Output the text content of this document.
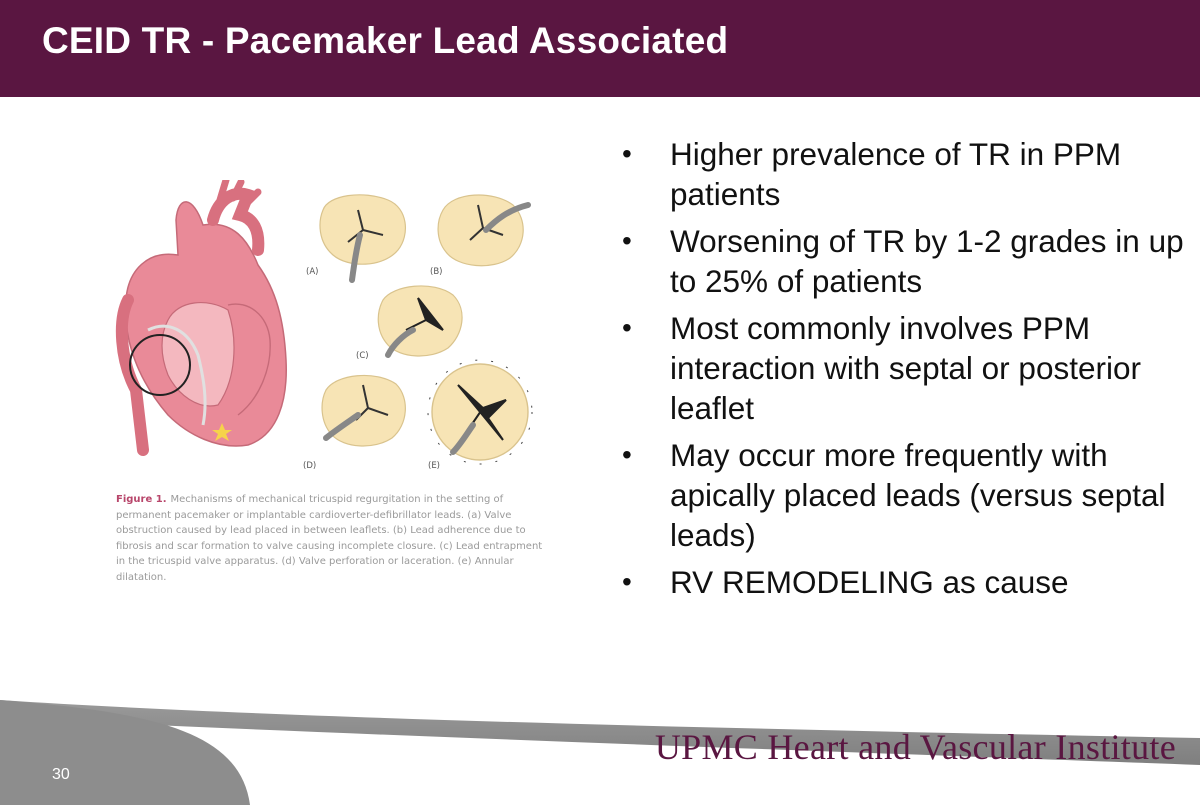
CEID TR - Pacemaker Lead Associated
• Higher prevalence of TR in PPM patients
• Worsening of TR by 1-2 grades in up to 25% of patients
• Most commonly involves PPM interaction with septal or posterior leaflet
• May occur more frequently with apically placed leads (versus septal leads)
• RV REMODELING as cause
(A)	(B)
(C)
(D)	(E)
Figure 1. Mechanisms of mechanical tricuspid regurgitation in the setting of permanent pacemaker or implantable cardioverter-defibrillator leads. (a) Valve obstruction caused by lead placed in between leaflets. (b) Lead adherence due to fibrosis and scar formation to valve causing incomplete closure. (c) Lead entrapment in the tricuspid valve apparatus. (d) Valve perforation or laceration. (e) Annular dilatation.
UPMC Heart and Vascular Institute
30
